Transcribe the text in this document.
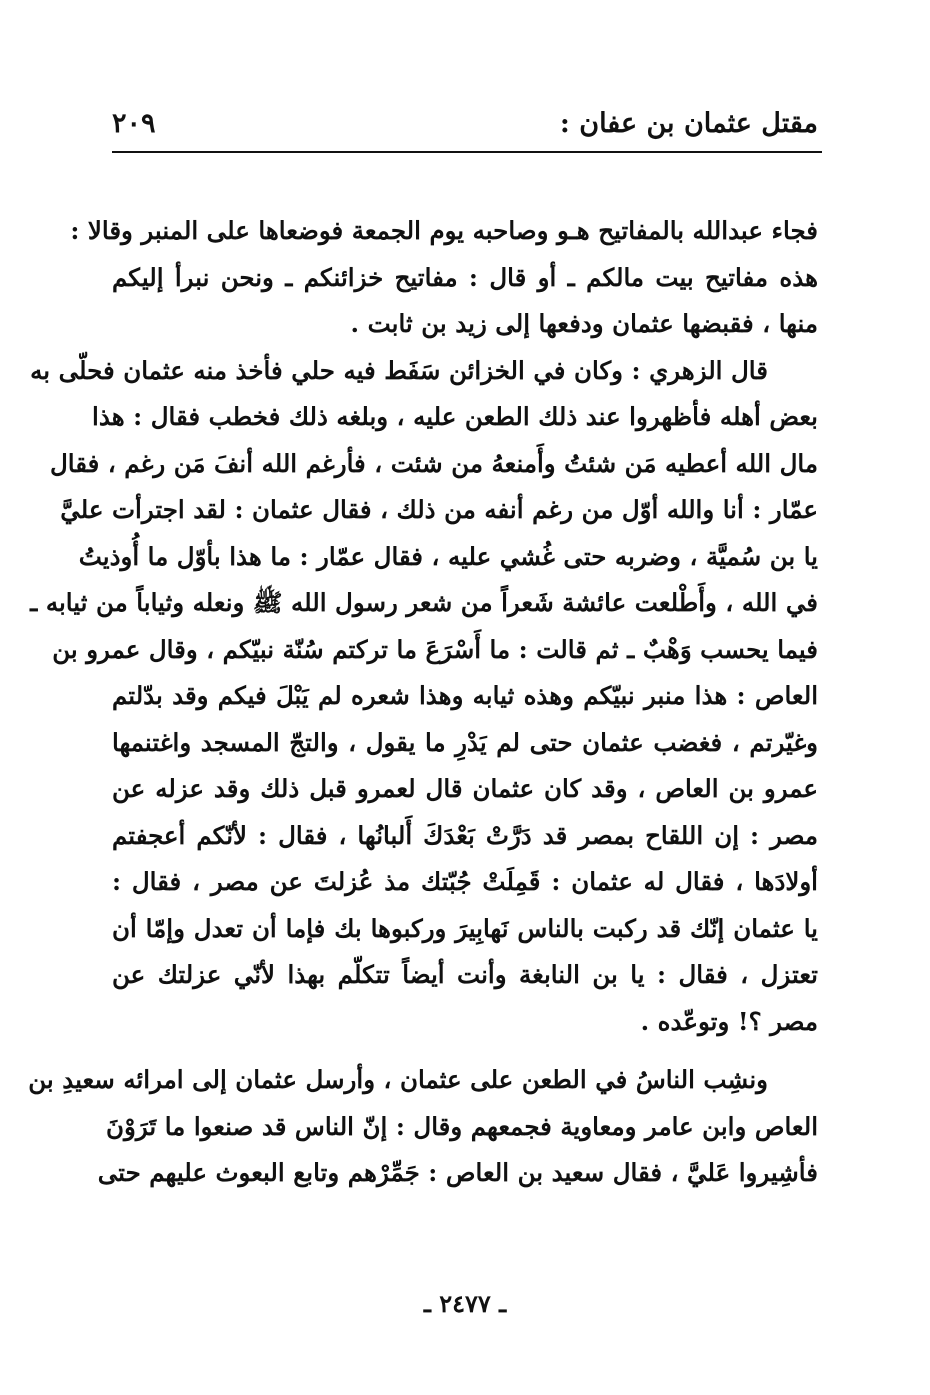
مقتل عثمان بن عفان :
٢٠٩
فجاء عبدالله بالمفاتيح هـو وصاحبه يوم الجمعة فوضعاها على المنبر وقالا :
هذه مفاتيح بيت مالكم ـ أو قال : مفاتيح خزائنكم ـ ونحن نبرأ إليكم
منها ، فقبضها عثمان ودفعها إلى زيد بن ثابت .
قال الزهري : وكان في الخزائن سَفَط فيه حلي فأخذ منه عثمان فحلّى به
بعض أهله فأظهروا عند ذلك الطعن عليه ، وبلغه ذلك فخطب فقال : هذا
مال الله أعطيه مَن شئتُ وأَمنعهُ من شئت ، فأرغم الله أنفَ مَن رغم ، فقال
عمّار : أنا والله أوّل من رغم أنفه من ذلك ، فقال عثمان : لقد اجترأت عليَّ
يا بن سُميَّة ، وضربه حتى غُشي عليه ، فقال عمّار : ما هذا بأوّل ما أُوذيتُ
في الله ، وأَطْلعت عائشة شَعراً من شعر رسول الله ﷺ ونعله وثياباً من ثيابه ـ
فيما يحسب وَهْبٌ ـ ثم قالت : ما أَسْرَعَ ما تركتم سُنّة نبيّكم ، وقال عمرو بن
العاص : هذا منبر نبيّكم وهذه ثيابه وهذا شعره لم يَبْلَ فيكم وقد بدّلتم
وغيّرتم ، فغضب عثمان حتى لم يَدْرِ ما يقول ، والتجّ المسجد واغتنمها
عمرو بن العاص ، وقد كان عثمان قال لعمرو قبل ذلك وقد عزله عن
مصر : إن اللقاح بمصر قد دَرَّتْ بَعْدَكَ أَلبانُها ، فقال : لأنّكم أعجفتم
أولادَها ، فقال له عثمان : قَمِلَتْ جُبّتك مذ عُزلتَ عن مصر ، فقال :
يا عثمان إنّك قد ركبت بالناس نَهابِيرَ وركبوها بك فإما أن تعدل وإمّا أن
تعتزل ، فقال : يا بن النابغة وأنت أيضاً تتكلّم بهذا لأنّي عزلتك عن
مصر ؟! وتوعّده .
ونشِب الناسُ في الطعن على عثمان ، وأرسل عثمان إلى امرائه سعيدِ بن
العاص وابن عامر ومعاوية فجمعهم وقال : إنّ الناس قد صنعوا ما تَرَوْنَ
فأشِيروا عَليَّ ، فقال سعيد بن العاص : جَمِّرْهم وتابع البعوث عليهم حتى
ـ ٢٤٧٧ ـ
